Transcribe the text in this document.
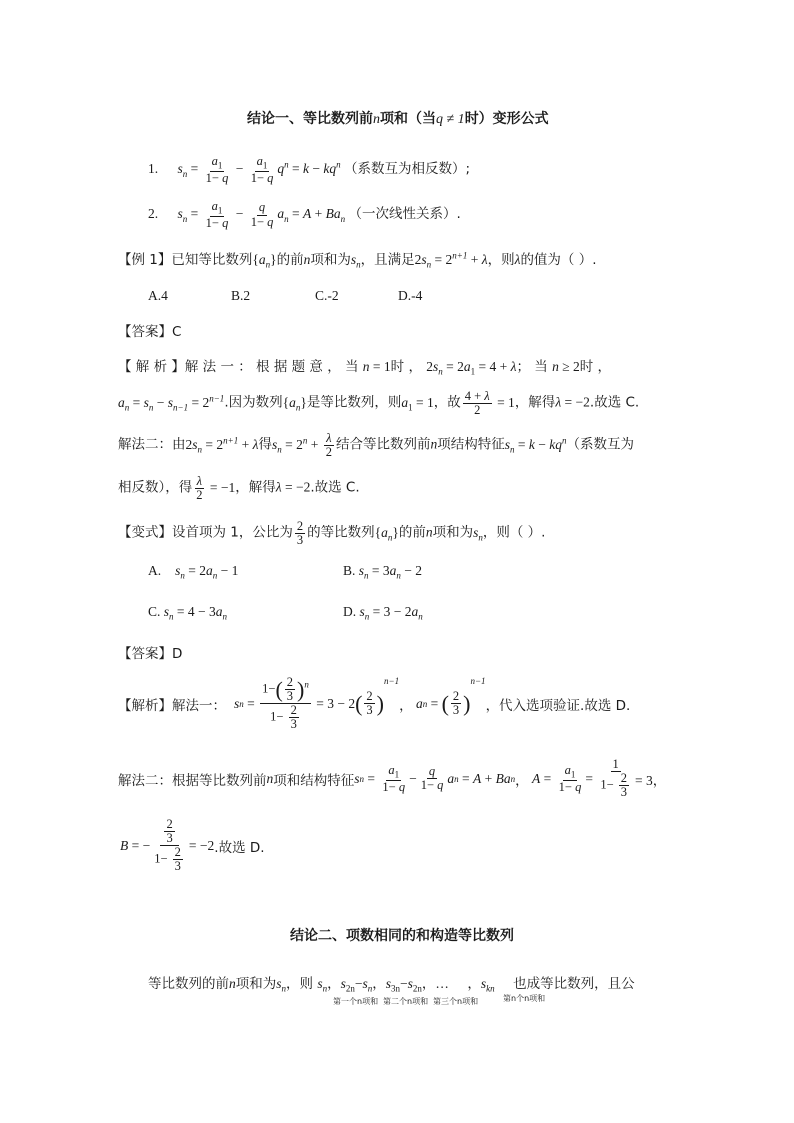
结论一、等比数列前n项和（当q ≠ 1时）变形公式
1. $s_n = \frac{a_1}{1- q} - \frac{a_1}{1- q} q^n = k - kq^n$ （系数互为相反数）;
2. $s_n = \frac{a_1}{1- q} - \frac{q}{1- q} a_n = A + Ba_n$ （一次线性关系）.
【例 1】已知等比数列$\{a_n\}$的前n项和为$s_n$，且满足$2s_n = 2^{n+1} + \lambda$，则λ的值为（ ）.
A.4	B.2	C.-2	D.-4
【答案】C
【 解 析 】解 法 一 ： 根 据 题 意 ， 当 n = 1时 ， $2s_n = 2a_1 = 4 + \lambda$； 当 n ≥ 2时 ，
$a_n = s_n - s_{n-1} = 2^{n-1}$.因为数列$\{a_n\}$是等比数列，则$a_1 = 1$，故 $\frac{4 + \lambda}{2} = 1$，解得λ = −2.故选 C.
解法二：由$2s_n = 2^{n+1} + \lambda$得$s_n = 2^n + \frac{\lambda}{2}$ 结合等比数列前n项结构特征$s_n = k - kq^n$（系数互为
相反数），得 $\frac{\lambda}{2} = -1$，解得λ = −2.故选 C.
【变式】设首项为 1，公比为 $\frac{2}{3}$ 的等比数列$\{a_n\}$的前n项和为$s_n$，则（ ）.
A. $s_n = 2a_n - 1$	B. $s_n = 3a_n - 2$
C. $s_n = 4 - 3a_n$	D. $s_n = 3 - 2a_n$
【答案】D
【解析】 解法一： s $n = \frac{1-( \frac{2}{3} )^n}{1- \frac{2}{3}} = 3 - 2$ ( $\frac{2}{3}$ )
n−1
， a n = ( $\frac{2}{3}$ )
n−1
，代入选项验证.故选 D.
解法二：根据等比数列前 n 项和结构特征 s $n = \frac{a_1}{1- q} - \frac{q}{1- q}$ a n = A + Ba n ， $A = \frac{a_1}{1- q} = \frac{1}{1- \frac{2}{3}} = 3$，
B = − $\frac{\frac{2}{3}}{1- \frac{2}{3}} = -2$ .故选 D.
结论二、项数相同的和构造等比数列
等比数列的前n项和为$s_n$，则 $s_n$，$s_{2n}-s_n$，$s_{3n}-s_{2n}$，…，$s_{kn}$ 也成等比数列，且公
第一个n项和 第二个n项和 第三个n项和	第n个n项和
